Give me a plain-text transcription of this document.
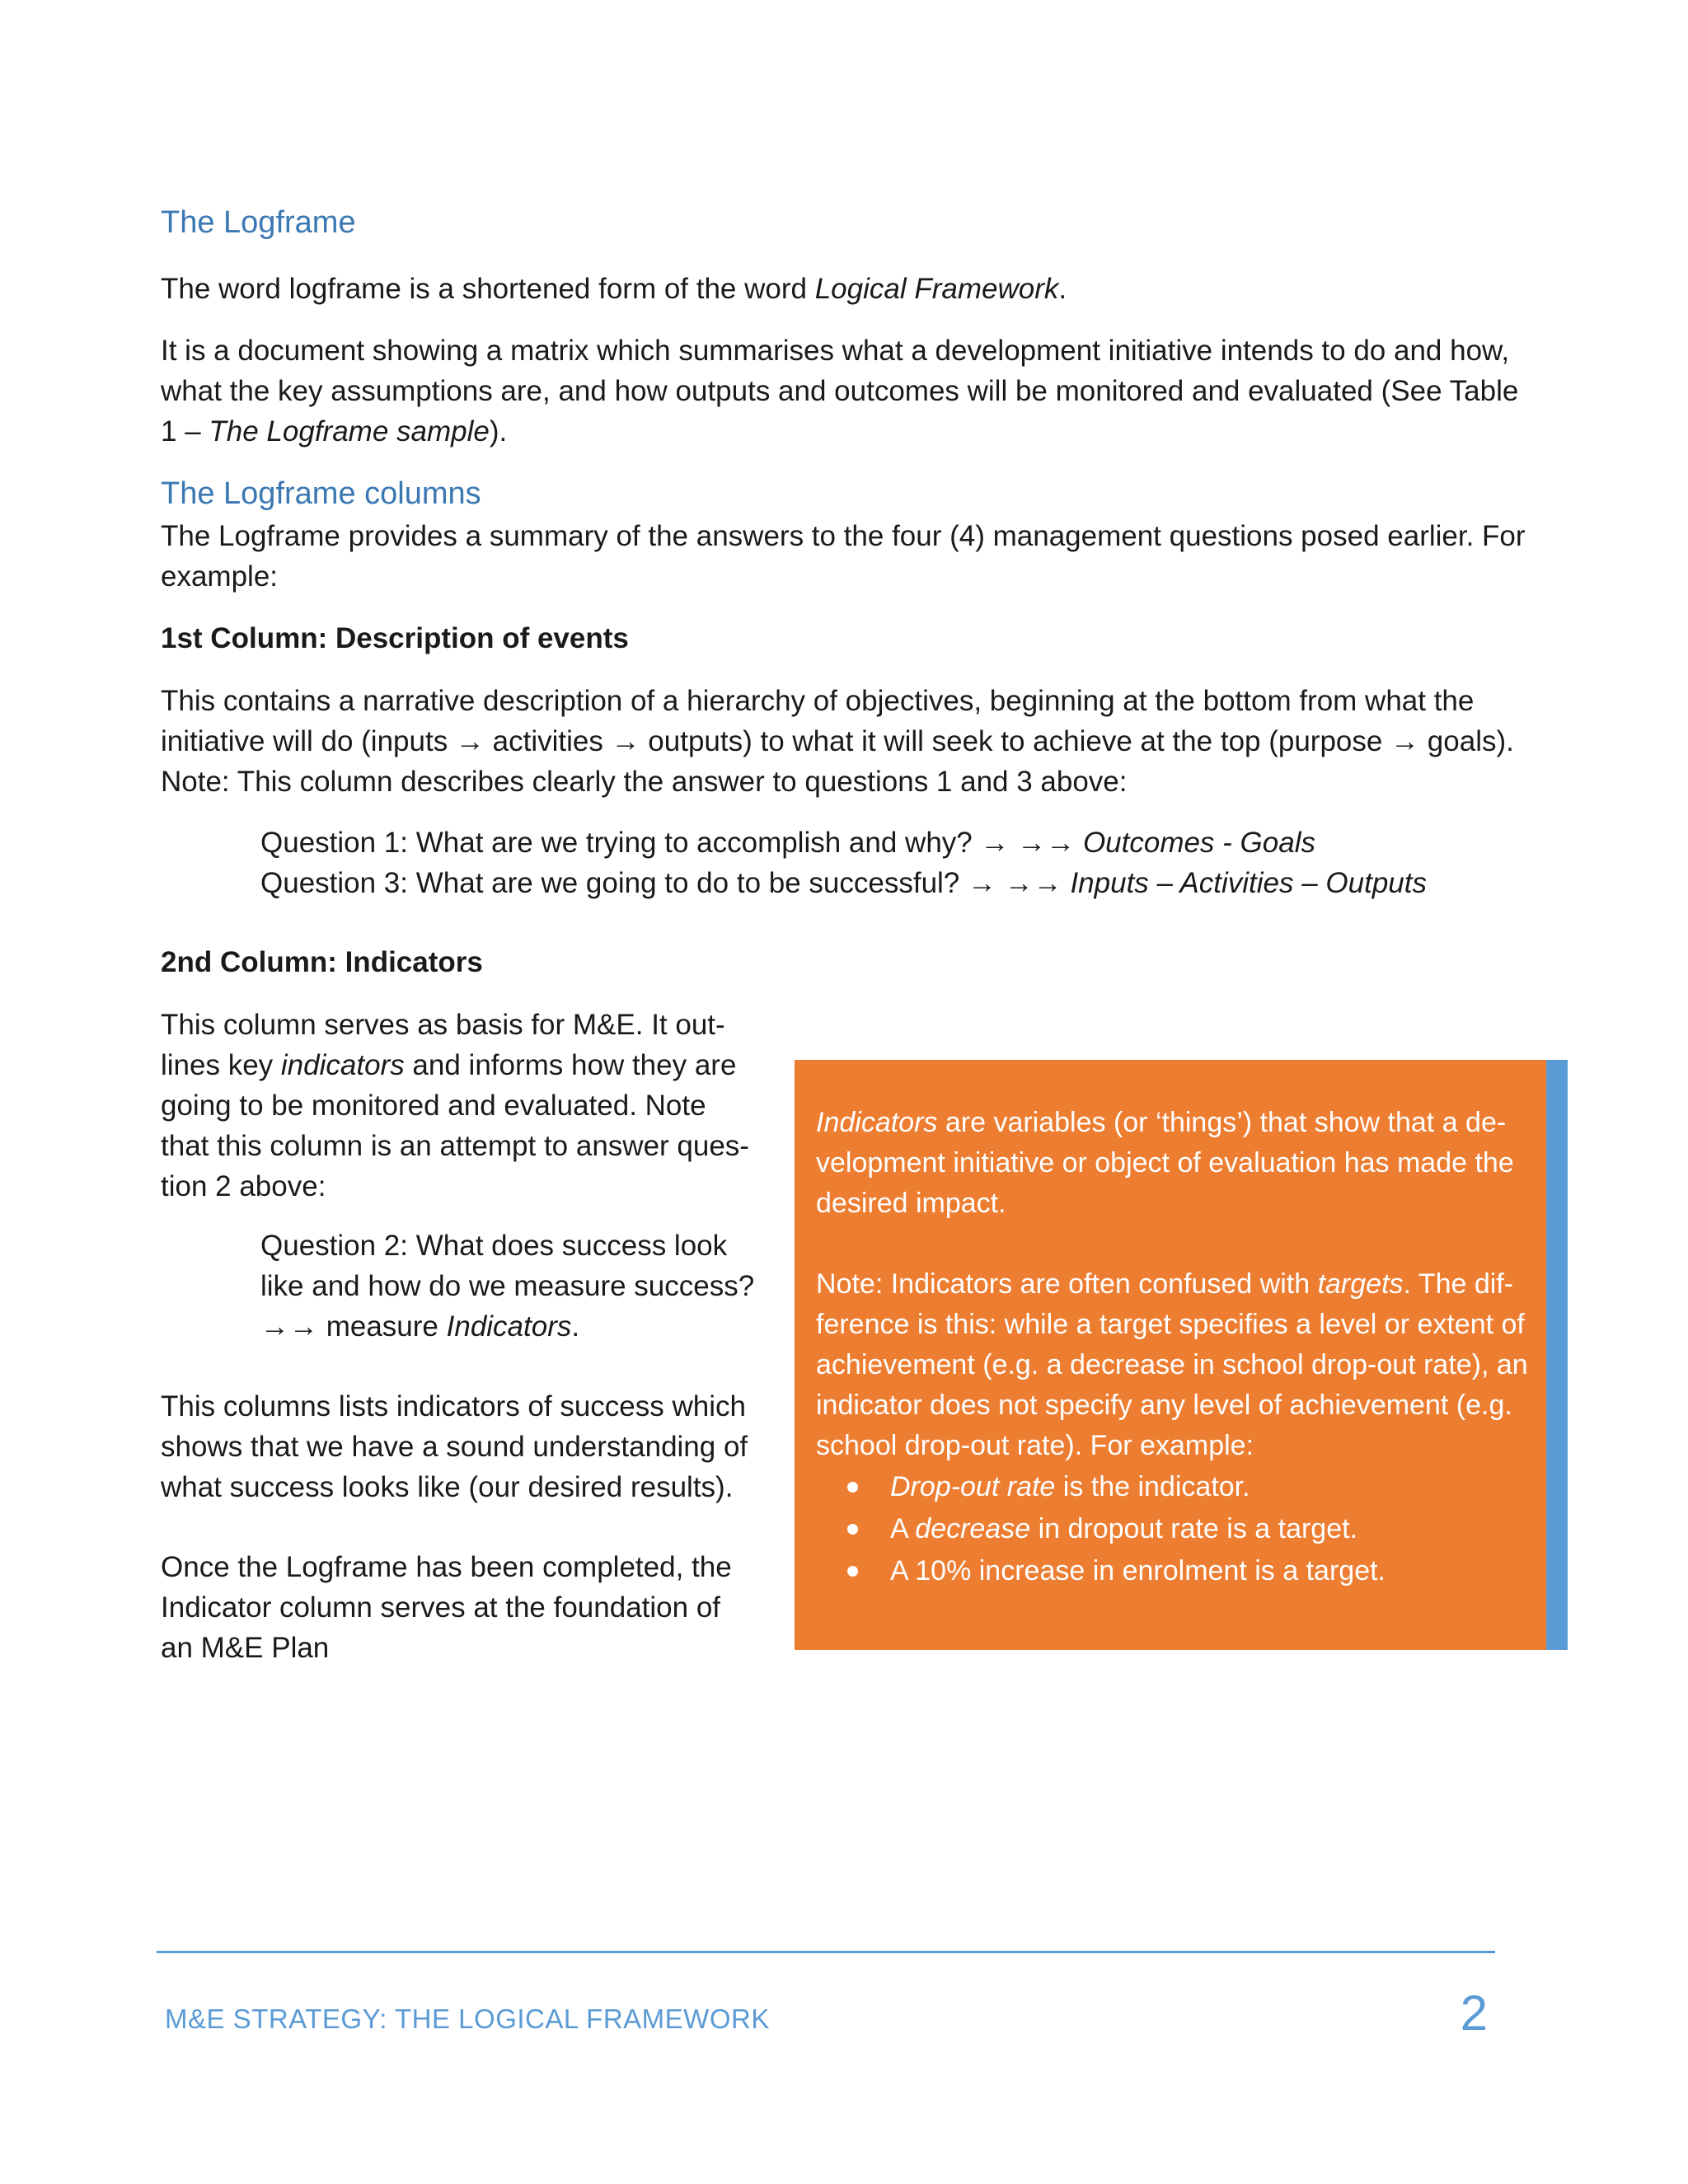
The Logframe

The word logframe is a shortened form of the word Logical Framework.

It is a document showing a matrix which summarises what a development initiative intends to do and how,
what the key assumptions are, and how outputs and outcomes will be monitored and evaluated (See Table
1 – The Logframe sample).
The Logframe columns
The Logframe provides a summary of the answers to the four (4) management questions posed earlier. For
example:
1st Column: Description of events
This contains a narrative description of a hierarchy of objectives, beginning at the bottom from what the
initiative will do (inputs → activities → outputs) to what it will seek to achieve at the top (purpose → goals).
Note: This column describes clearly the answer to questions 1 and 3 above:
Question 1: What are we trying to accomplish and why? → →→ Outcomes - Goals
Question 3: What are we going to do to be successful? → →→ Inputs – Activities – Outputs
2nd Column: Indicators
This column serves as basis for M&E. It out-
lines key indicators and informs how they are
going to be monitored and evaluated. Note
that this column is an attempt to answer ques-
tion 2 above:
Question 2: What does success look
like and how do we measure success?
→→ measure Indicators.
This columns lists indicators of success which
shows that we have a sound understanding of
what success looks like (our desired results).
Once the Logframe has been completed, the
Indicator column serves at the foundation of
an M&E Plan

Indicators are variables (or ‘things’) that show that a de-
velopment initiative or object of evaluation has made the
desired impact.

Note: Indicators are often confused with targets. The dif-
ference is this: while a target specifies a level or extent of
achievement (e.g. a decrease in school drop-out rate), an
indicator does not specify any level of achievement (e.g.
school drop-out rate). For example:

Drop-out rate is the indicator.
A decrease in dropout rate is a target.
A 10% increase in enrolment is a target.
M&E STRATEGY: THE LOGICAL FRAMEWORK	2
